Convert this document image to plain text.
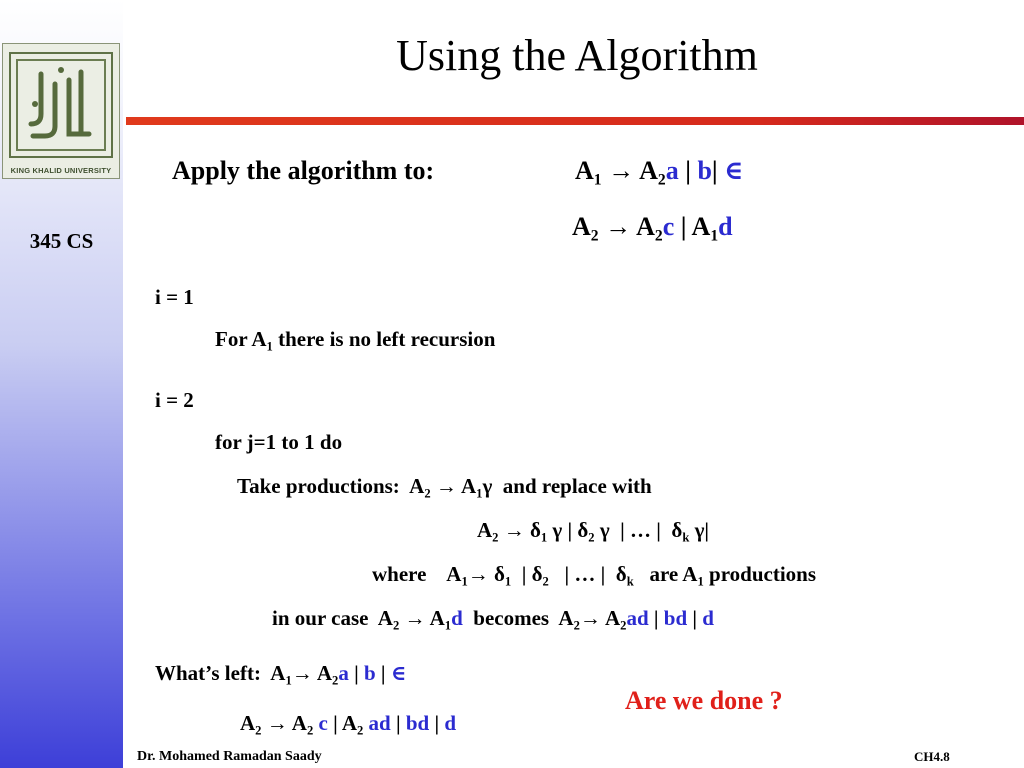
KING KHALID UNIVERSITY
345 CS
Using the Algorithm
Apply the algorithm to:	$A_1 \to A_2a$ | b| ∈
$A_2 \to A_2c$ | $A_1d$
i = 1
For $A_1$ there is no left recursion
i = 2
for j=1 to 1 do
Take productions:  $A_2 \to A_1\gamma$  and replace with
$A_2 \to \delta_1$ γ | $\delta_2$ γ  | … |  $\delta_k$ γ|
where    $A_1\to \delta_1$  | $\delta_2$   | … |  $\delta_k$ are $A_1$ productions
in our case  $A_2 \to A_1d$ becomes  $A_2\to A_2ad$ | bd | d
What’s left:  $A_1\to A_2a$ | b | ∈
$A_2 \to A_2$ c | $A_2$ ad | bd | d
Are we done ?
Dr. Mohamed Ramadan Saady	CH4.8
